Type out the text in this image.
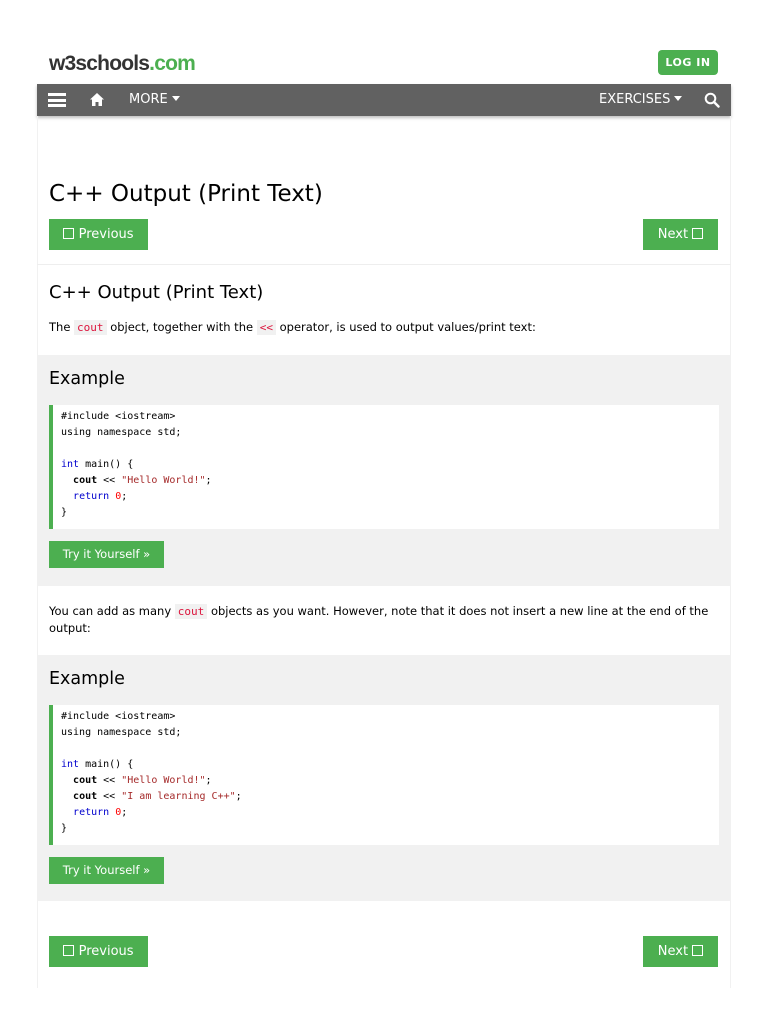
w3schools.com	LOG IN
MORE	EXERCISES
C++ Output (Print Text)
Previous	Next
C++ Output (Print Text)
The cout object, together with the << operator, is used to output values/print text:
Example
#include <iostream>
using namespace std;
int main() {
cout << "Hello World!";
return 0;
}
Try it Yourself »
You can add as many cout objects as you want. However, note that it does not insert a new line at the end of the output:
Example
#include <iostream>
using namespace std;
int main() {
cout << "Hello World!";
cout << "I am learning C++";
return 0;
}
Try it Yourself »
Previous	Next
